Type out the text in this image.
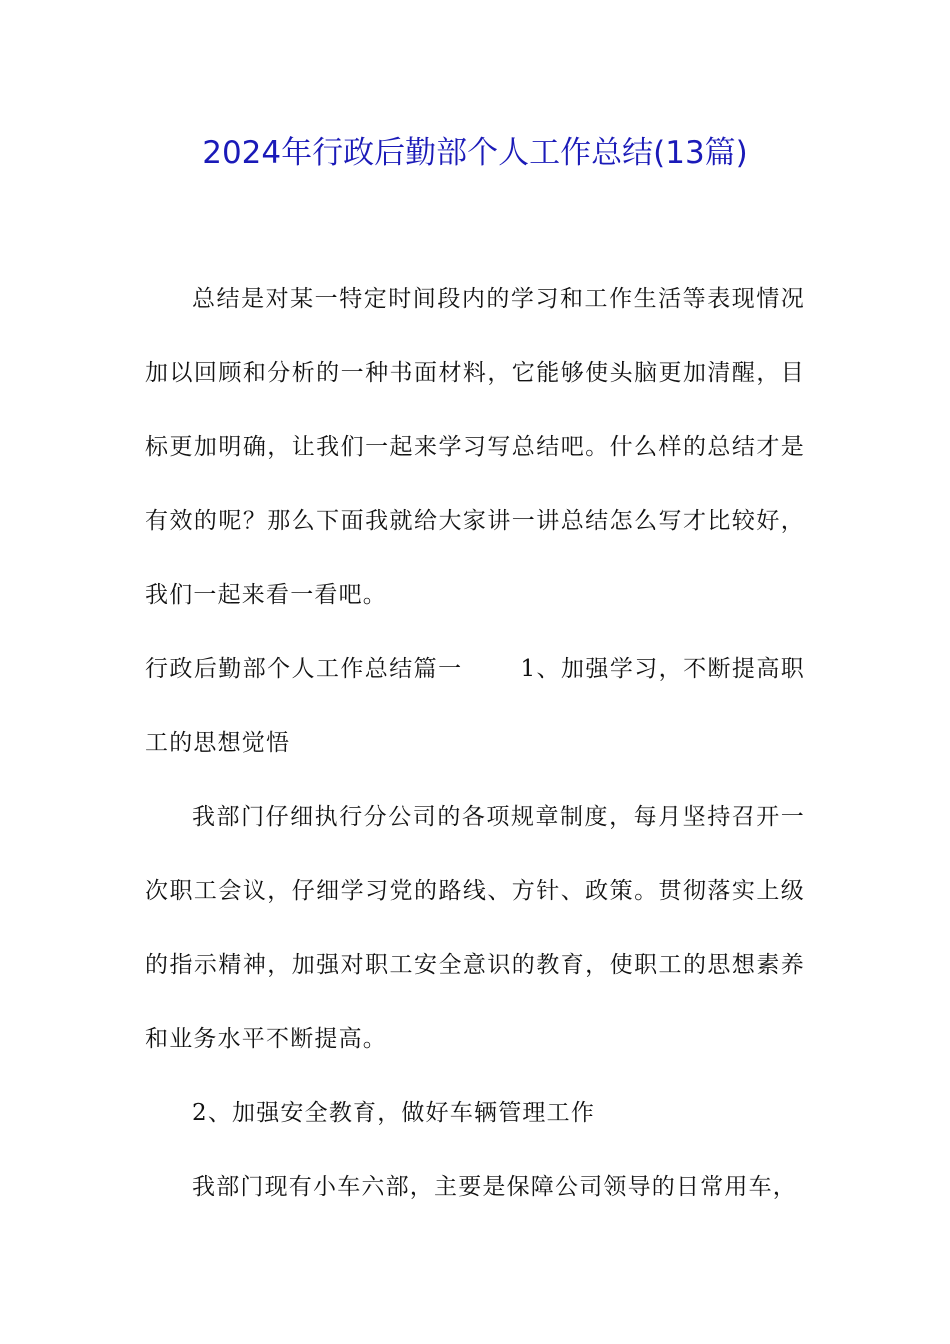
2024年行政后勤部个人工作总结(13篇)

总结是对某一特定时间段内的学习和工作生活等表现情况加以回顾和分析的一种书面材料，它能够使头脑更加清醒，目标更加明确，让我们一起来学习写总结吧。什么样的总结才是有效的呢？那么下面我就给大家讲一讲总结怎么写才比较好，我们一起来看一看吧。

行政后勤部个人工作总结篇一	1、加强学习，不断提高职工的思想觉悟

我部门仔细执行分公司的各项规章制度，每月坚持召开一次职工会议，仔细学习党的路线、方针、政策。贯彻落实上级的指示精神，加强对职工安全意识的教育，使职工的思想素养和业务水平不断提高。

2、加强安全教育，做好车辆管理工作

我部门现有小车六部，主要是保障公司领导的日常用车，
